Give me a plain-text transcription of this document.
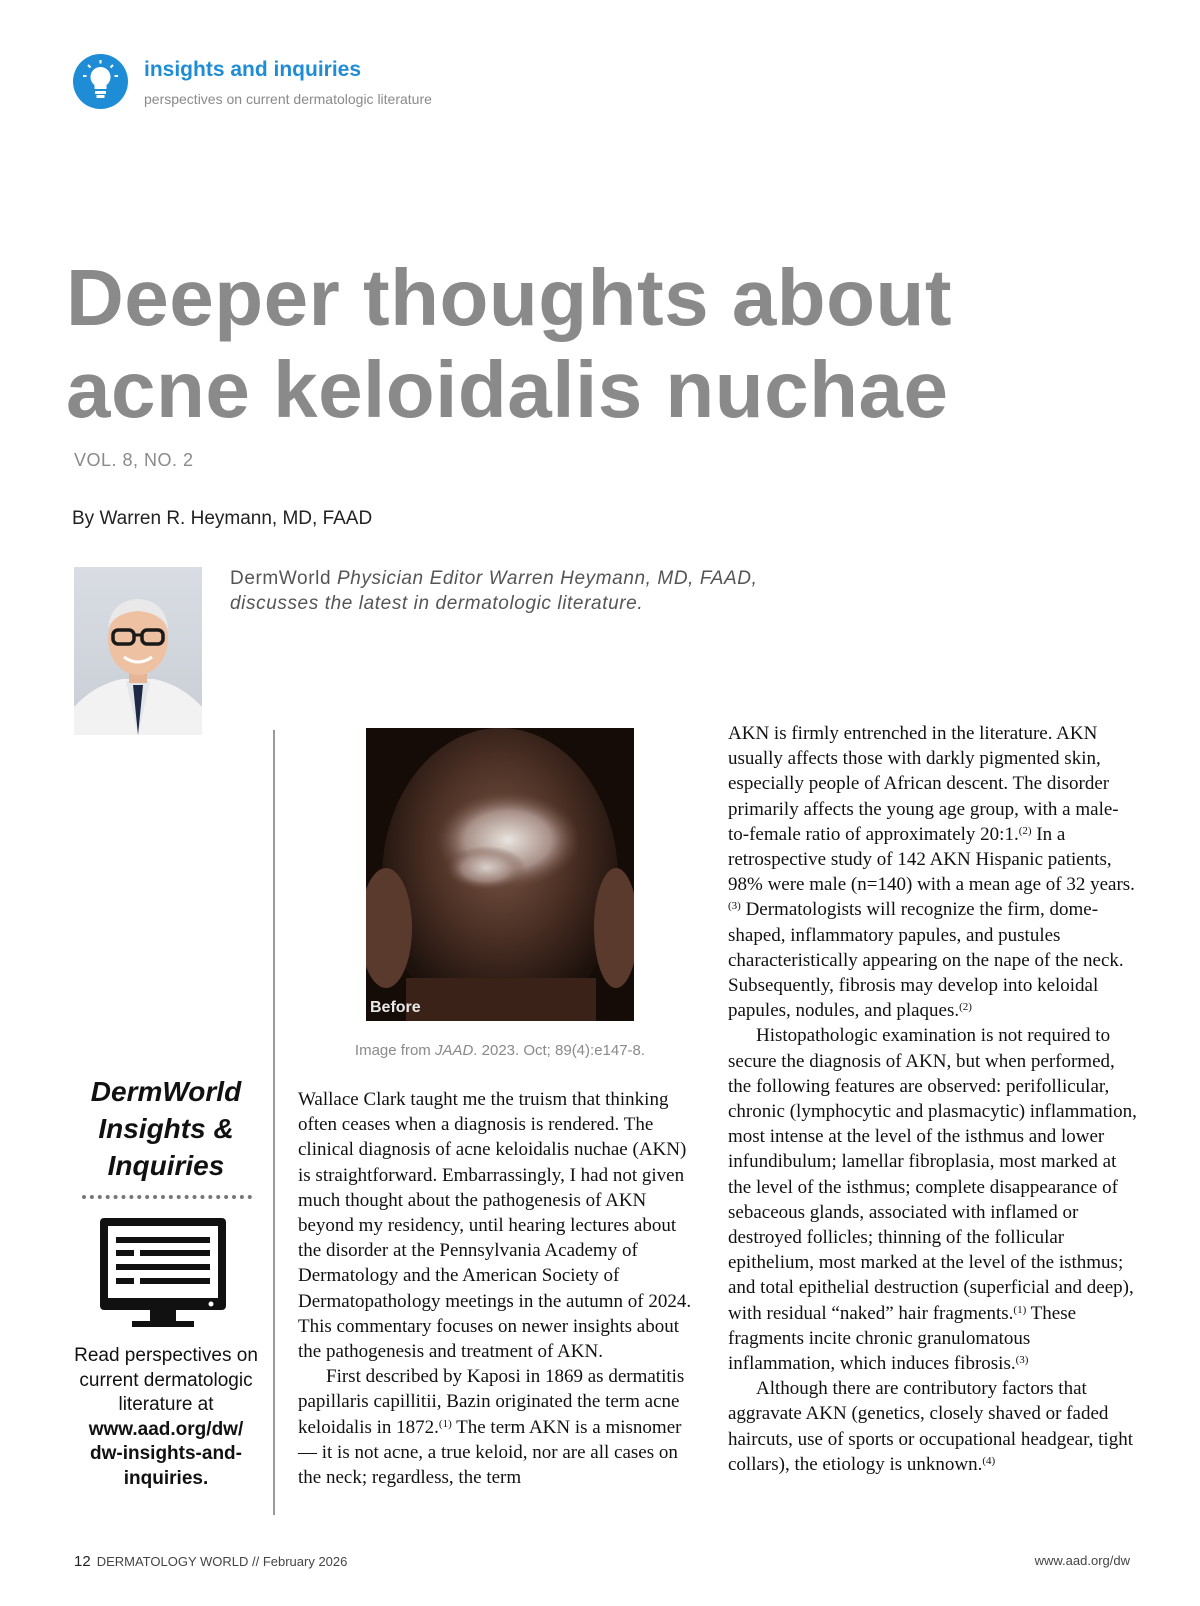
insights and inquiries
perspectives on current dermatologic literature
Deeper thoughts about acne keloidalis nuchae
VOL. 8, NO. 2
By Warren R. Heymann, MD, FAAD
DermWorld Physician Editor Warren Heymann, MD, FAAD, discusses the latest in dermatologic literature.
DermWorld Insights & Inquiries
Read perspectives on current dermatologic literature at
www.aad.org/dw/ dw-insights-and-inquiries.
Before
Image from JAAD. 2023. Oct; 89(4):e147-8.

Wallace Clark taught me the truism that thinking often ceases when a diagnosis is rendered. The clinical diagnosis of acne keloidalis nuchae (AKN) is straightforward. Embarrassingly, I had not given much thought about the pathogenesis of AKN beyond my residency, until hearing lectures about the disorder at the Pennsylvania Academy of Dermatology and the American Society of Dermatopathology meetings in the autumn of 2024. This commentary focuses on newer insights about the pathogenesis and treatment of AKN.

First described by Kaposi in 1869 as dermatitis papillaris capillitii, Bazin originated the term acne keloidalis in 1872.$^{(1)}$ The term AKN is a misnomer — it is not acne, a true keloid, nor are all cases on the neck; regardless, the term

AKN is firmly entrenched in the literature. AKN usually affects those with darkly pigmented skin, especially people of African descent. The disorder primarily affects the young age group, with a male-to-female ratio of approximately 20:1.$^{(2)}$ In a retrospective study of 142 AKN Hispanic patients, 98% were male (n=140) with a mean age of 32 years.$^{(3)}$ Dermatologists will recognize the firm, dome-shaped, inflammatory papules, and pustules characteristically appearing on the nape of the neck. Subsequently, fibrosis may develop into keloidal papules, nodules, and plaques.$^{(2)}$

Histopathologic examination is not required to secure the diagnosis of AKN, but when performed, the following features are observed: perifollicular, chronic (lymphocytic and plasmacytic) inflammation, most intense at the level of the isthmus and lower infundibulum; lamellar fibroplasia, most marked at the level of the isthmus; complete disappearance of sebaceous glands, associated with inflamed or destroyed follicles; thinning of the follicular epithelium, most marked at the level of the isthmus; and total epithelial destruction (superficial and deep), with residual “naked” hair fragments.$^{(1)}$ These fragments incite chronic granulomatous inflammation, which induces fibrosis.$^{(3)}$

Although there are contributory factors that aggravate AKN (genetics, closely shaved or faded haircuts, use of sports or occupational headgear, tight collars), the etiology is unknown.$^{(4)}$

12 DERMATOLOGY WORLD // February 2026	www.aad.org/dw
